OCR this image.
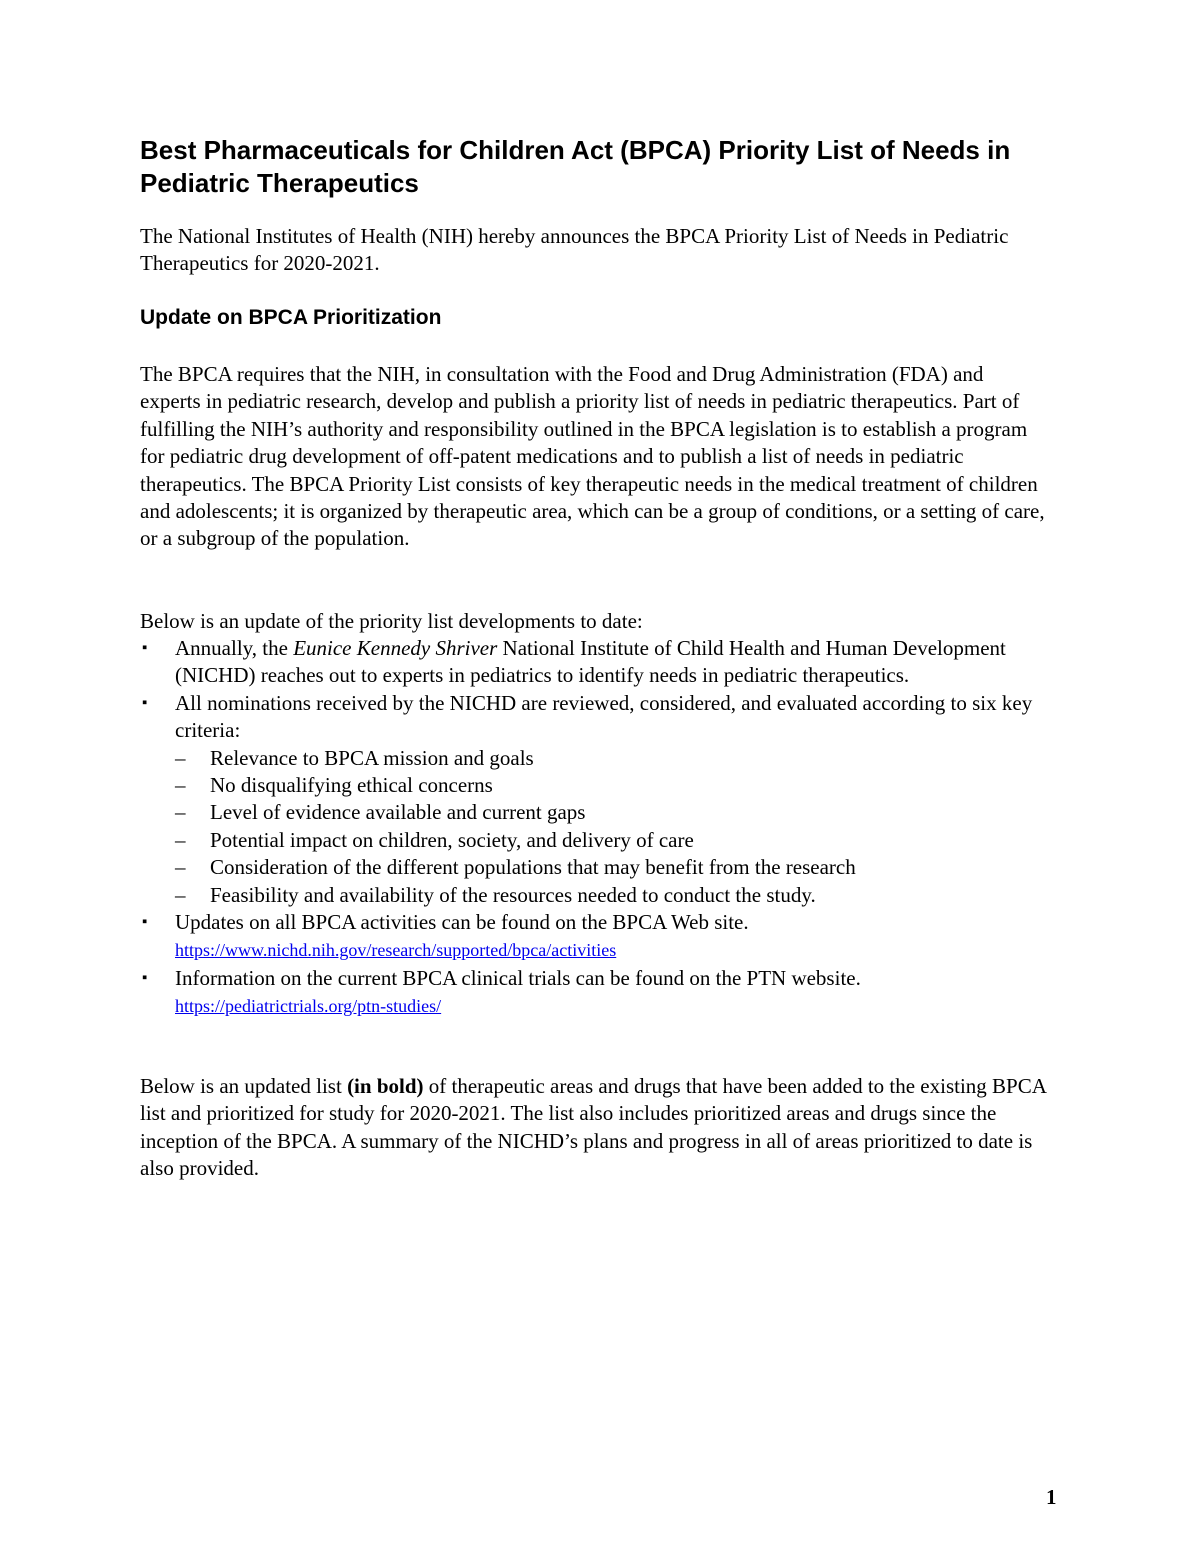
Best Pharmaceuticals for Children Act (BPCA) Priority List of Needs in Pediatric Therapeutics

The National Institutes of Health (NIH) hereby announces the BPCA Priority List of Needs in Pediatric Therapeutics for 2020-2021.

Update on BPCA Prioritization

The BPCA requires that the NIH, in consultation with the Food and Drug Administration (FDA) and experts in pediatric research, develop and publish a priority list of needs in pediatric therapeutics. Part of fulfilling the NIH’s authority and responsibility outlined in the BPCA legislation is to establish a program for pediatric drug development of off-patent medications and to publish a list of needs in pediatric therapeutics. The BPCA Priority List consists of key therapeutic needs in the medical treatment of children and adolescents; it is organized by therapeutic area, which can be a group of conditions, or a setting of care, or a subgroup of the population.

Below is an update of the priority list developments to date:

▪ Annually, the Eunice Kennedy Shriver National Institute of Child Health and Human Development (NICHD) reaches out to experts in pediatrics to identify needs in pediatric therapeutics.
▪ All nominations received by the NICHD are reviewed, considered, and evaluated according to six key criteria:
– Relevance to BPCA mission and goals
– No disqualifying ethical concerns
– Level of evidence available and current gaps
– Potential impact on children, society, and delivery of care
– Consideration of the different populations that may benefit from the research
– Feasibility and availability of the resources needed to conduct the study.
▪ Updates on all BPCA activities can be found on the BPCA Web site.
https://www.nichd.nih.gov/research/supported/bpca/activities
▪ Information on the current BPCA clinical trials can be found on the PTN website.
https://pediatrictrials.org/ptn-studies/

Below is an updated list (in bold) of therapeutic areas and drugs that have been added to the existing BPCA list and prioritized for study for 2020-2021. The list also includes prioritized areas and drugs since the inception of the BPCA. A summary of the NICHD’s plans and progress in all of areas prioritized to date is also provided.

1
